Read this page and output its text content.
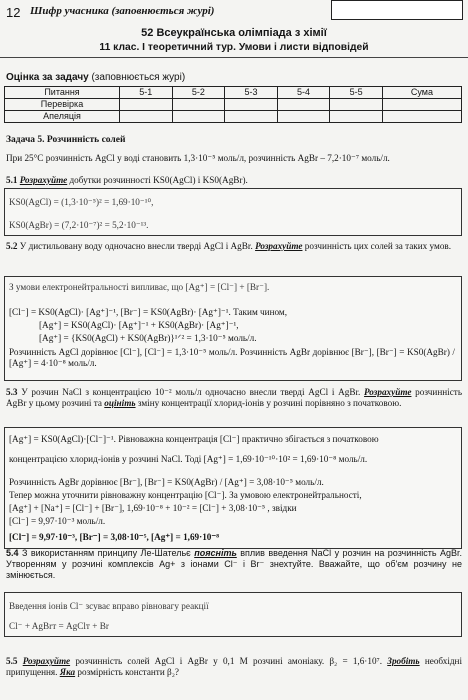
12 Шифр учасника (заповнюється журі)
52 Всеукраїнська олімпіада з хімії
11 клас. I теоретичний тур. Умови і листи відповідей
Оцінка за задачу (заповнюється журі)
Питання	5-1	5-2	5-3	5-4	5-5	Сума
Перевірка						
Апеляція						
Задача 5. Розчинність солей
При 25°С розчинність AgCl у воді становить 1,3·10⁻⁵ моль/л, розчинність AgBr – 7,2·10⁻⁷ моль/л.
5.1 Розрахуйте добутки розчинності KS0(AgCl) і KS0(AgBr).
KS0(AgCl) = (1,3·10⁻⁵)² = 1,69·10⁻¹⁰,
KS0(AgBr) = (7,2·10⁻⁷)² = 5,2·10⁻¹³.
5.2 У дистильовану воду одночасно внесли тверді AgCl і AgBr. Розрахуйте розчинність цих солей за таких умов.
З умови електронейтральності випливає, що [Ag⁺] = [Cl⁻] + [Br⁻].
[Cl⁻] = KS0(AgCl)· [Ag⁺]⁻¹, [Br⁻] = KS0(AgBr)· [Ag⁺]⁻¹. Таким чином,
[Ag⁺] = KS0(AgCl)· [Ag⁺]⁻¹ + KS0(AgBr)· [Ag⁺]⁻¹,
[Ag⁺] = {KS0(AgCl) + KS0(AgBr)}¹ᐟ² = 1,3·10⁻⁵ моль/л.
Розчинність AgCl дорівнює [Cl⁻], [Cl⁻] = 1,3·10⁻⁵ моль/л. Розчинність AgBr дорівнює [Br⁻], [Br⁻] = KS0(AgBr) / [Ag⁺] = 4·10⁻⁸ моль/л.
5.3 У розчин NaCl з концентрацією 10⁻² моль/л одночасно внесли тверді AgCl і AgBr. Розрахуйте розчинність AgBr у цьому розчині та оцініть зміну концентрації хлорид-іонів у розчині порівняно з початковою.
[Ag⁺] = KS0(AgCl)·[Cl⁻]⁻¹. Рівноважна концентрація [Cl⁻] практично збігається з початковою
концентрацією хлорид-іонів у розчині NaCl. Тоді [Ag⁺] = 1,69·10⁻¹⁰·10² = 1,69·10⁻⁸ моль/л.
Розчинність AgBr дорівнює [Br⁻], [Br⁻] = KS0(AgBr) / [Ag⁺] = 3,08·10⁻⁵ моль/л.
Тепер можна уточнити рівноважну концентрацію [Cl⁻]. За умовою електронейтральності,
[Ag⁺] + [Na⁺] = [Cl⁻] + [Br⁻], 1,69·10⁻⁸ + 10⁻² = [Cl⁻] + 3,08·10⁻⁵ , звідки
[Cl⁻] = 9,97·10⁻³ моль/л.
[Cl⁻] = 9,97·10⁻³, [Br⁻] = 3,08·10⁻⁵, [Ag⁺] = 1,69·10⁻⁸
5.4 З використанням принципу Ле-Шательє поясніть вплив введення NaCl у розчин на розчинність AgBr. Утворенням у розчині комплексів Ag+ з іонами Cl⁻ і Br⁻ знехтуйте. Вважайте, що об'єм розчину не змінюється.
Введення іонів Cl⁻ зсуває вправо рівновагу реакції
Cl⁻ + AgBrт = AgClт + Br
5.5 Розрахуйте розчинність солей AgCl і AgBr у 0,1 М розчині амоніаку. β₂ = 1,6·10⁷. Зробіть необхідні припущення. Яка розмірність константи β₂?
